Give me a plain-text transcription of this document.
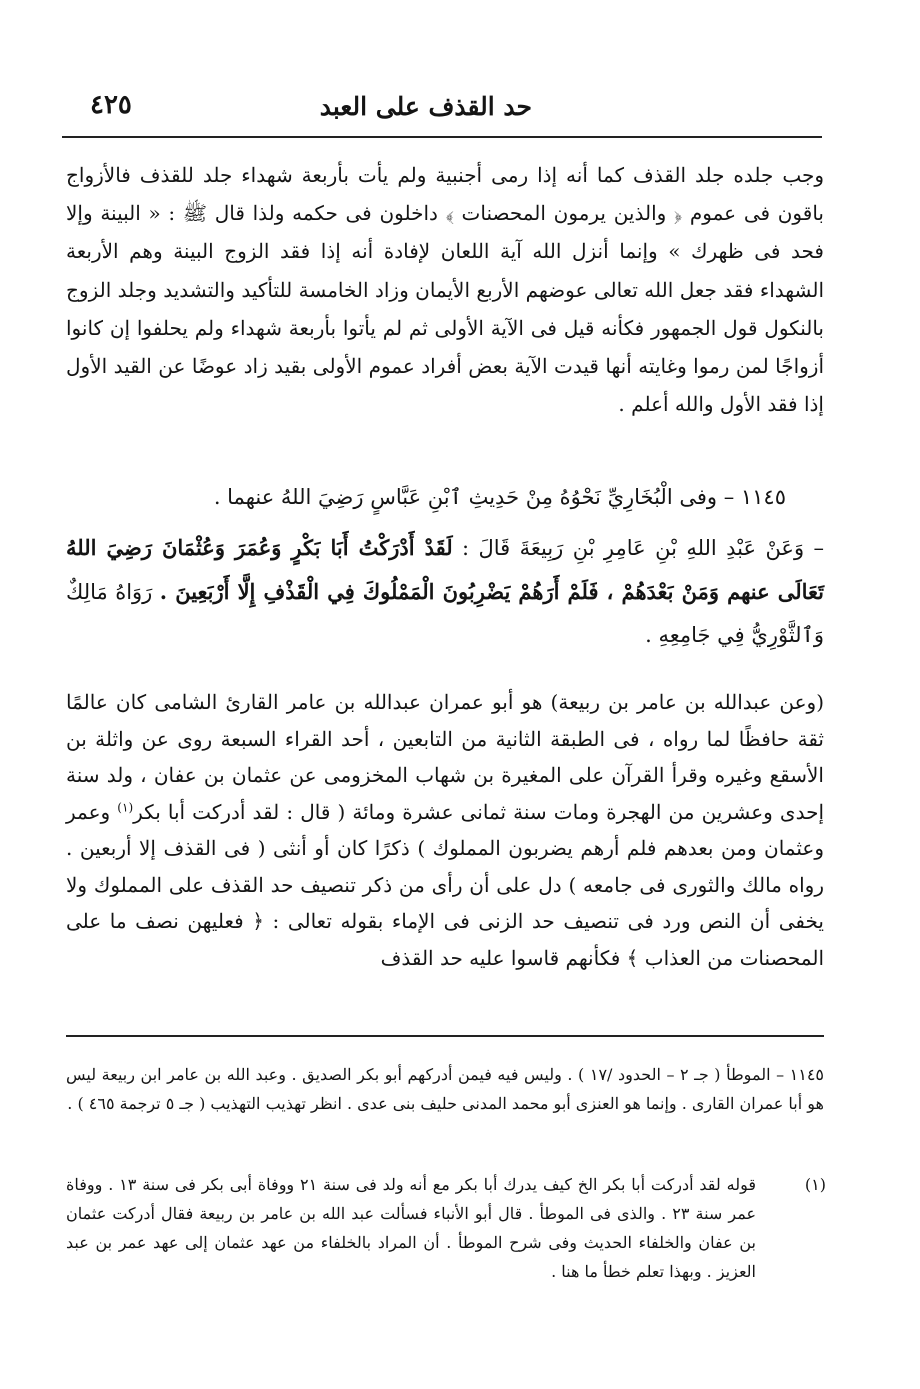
حد القذف على العبد
٤٢٥

وجب جلده جلد القذف كما أنه إذا رمى أجنبية ولم يأت بأربعة شهداء جلد للقذف فالأزواج باقون فى عموم ﴿ والذين يرمون المحصنات ﴾ داخلون فى حكمه ولذا قال ﷺ : « البينة وإلا فحد فى ظهرك » وإنما أنزل الله آية اللعان لإفادة أنه إذا فقد الزوج البينة وهم الأربعة الشهداء فقد جعل الله تعالى عوضهم الأربع الأيمان وزاد الخامسة للتأكيد والتشديد وجلد الزوج بالنكول قول الجمهور فكأنه قيل فى الآية الأولى ثم لم يأتوا بأربعة شهداء ولم يحلفوا إن كانوا أزواجًا لمن رموا وغايته أنها قيدت الآية بعض أفراد عموم الأولى بقيد زاد عوضًا عن القيد الأول إذا فقد الأول والله أعلم .

١١٤٥ – وفى الْبُخَارِيِّ نَحْوُهُ مِنْ حَدِيثِ ٱبْنِ عَبَّاسٍ رَضِيَ اللهُ عنهما .

– وَعَنْ عَبْدِ اللهِ بْنِ عَامِرِ بْنِ رَبِيعَةَ قَالَ : لَقَدْ أَدْرَكْتُ أَبَا بَكْرٍ وَعُمَرَ وَعُثْمَانَ رَضِيَ اللهُ تَعَالَى عنهم وَمَنْ بَعْدَهُمْ ، فَلَمْ أَرَهُمْ يَضْرِبُونَ الْمَمْلُوكَ فِي الْقَذْفِ إِلَّا أَرْبَعِينَ . رَوَاهُ مَالِكٌ وَٱلثَّوْرِيُّ فِي جَامِعِهِ .

(وعن عبدالله بن عامر بن ربيعة) هو أبو عمران عبدالله بن عامر القارئ الشامى كان عالمًا ثقة حافظًا لما رواه ، فى الطبقة الثانية من التابعين ، أحد القراء السبعة روى عن واثلة بن الأسقع وغيره وقرأ القرآن على المغيرة بن شهاب المخزومى عن عثمان بن عفان ، ولد سنة إحدى وعشرين من الهجرة ومات سنة ثمانى عشرة ومائة ( قال : لقد أدركت أبا بكر$^{(١)}$ وعمر وعثمان ومن بعدهم فلم أرهم يضربون المملوك ) ذكرًا كان أو أنثى ( فى القذف إلا أربعين . رواه مالك والثورى فى جامعه ) دل على أن رأى من ذكر تنصيف حد القذف على المملوك ولا يخفى أن النص ورد فى تنصيف حد الزنى فى الإماء بقوله تعالى : ﴿ فعليهن نصف ما على المحصنات من العذاب ﴾ فكأنهم قاسوا عليه حد القذف

١١٤٥ – الموطأ ( جـ ٢ – الحدود /١٧ ) . وليس فيه فيمن أدركهم أبو بكر الصديق . وعبد الله بن عامر ابن ربيعة ليس هو أبا عمران القارى . وإنما هو العنزى أبو محمد المدنى حليف بنى عدى . انظر تهذيب التهذيب ( جـ ٥ ترجمة ٤٦٥ ) .

(١)

قوله لقد أدركت أبا بكر الخ كيف يدرك أبا بكر مع أنه ولد فى سنة ٢١ ووفاة أبى بكر فى سنة ١٣ . ووفاة عمر سنة ٢٣ . والذى فى الموطأ . قال أبو الأنباء فسألت عبد الله بن عامر بن ربيعة فقال أدركت عثمان بن عفان والخلفاء الحديث وفى شرح الموطأ . أن المراد بالخلفاء من عهد عثمان إلى عهد عمر بن عبد العزيز . وبهذا تعلم خطأ ما هنا .
